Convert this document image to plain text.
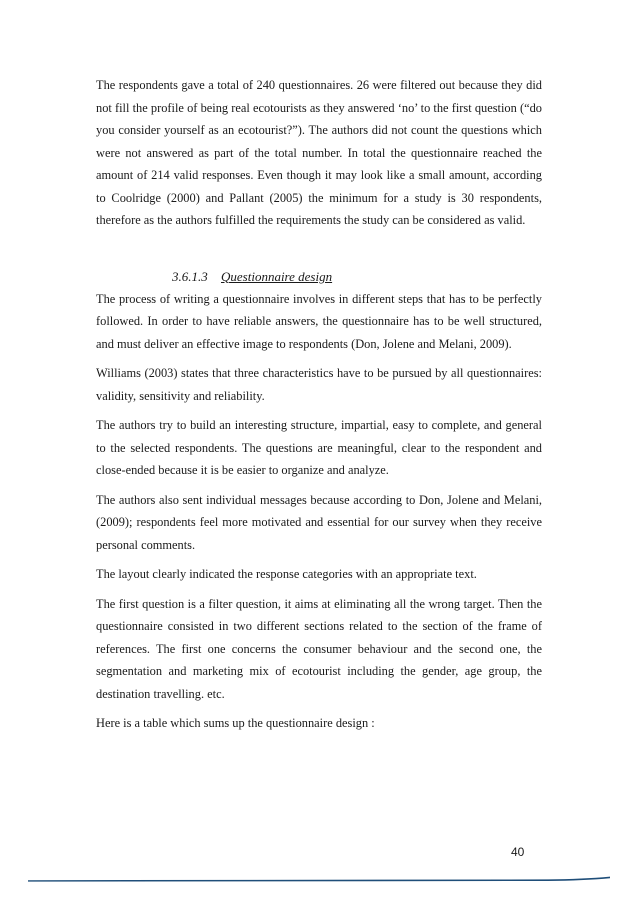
The respondents gave a total of 240 questionnaires. 26 were filtered out because they did not fill the profile of being real ecotourists as they answered ‘no’ to the first question (“do you consider yourself as an ecotourist?”). The authors did not count the questions which were not answered as part of the total number. In total the questionnaire reached the amount of 214 valid responses. Even though it may look like a small amount, according to Coolridge (2000) and Pallant (2005) the minimum for a study is 30 respondents, therefore as the authors fulfilled the requirements the study can be considered as valid.

3.6.1.3 Questionnaire design

The process of writing a questionnaire involves in different steps that has to be perfectly followed. In order to have reliable answers, the questionnaire has to be well structured, and must deliver an effective image to respondents (Don, Jolene and Melani, 2009).

Williams (2003) states that three characteristics have to be pursued by all questionnaires: validity, sensitivity and reliability.

The authors try to build an interesting structure, impartial, easy to complete, and general to the selected respondents. The questions are meaningful, clear to the respondent and close-ended because it is be easier to organize and analyze.

The authors also sent individual messages because according to Don, Jolene and Melani, (2009); respondents feel more motivated and essential for our survey when they receive personal comments.

The layout clearly indicated the response categories with an appropriate text.

The first question is a filter question, it aims at eliminating all the wrong target. Then the questionnaire consisted in two different sections related to the section of the frame of references. The first one concerns the consumer behaviour and the second one, the segmentation and marketing mix of ecotourist including the gender, age group, the destination travelling. etc.

Here is a table which sums up the questionnaire design :

40
